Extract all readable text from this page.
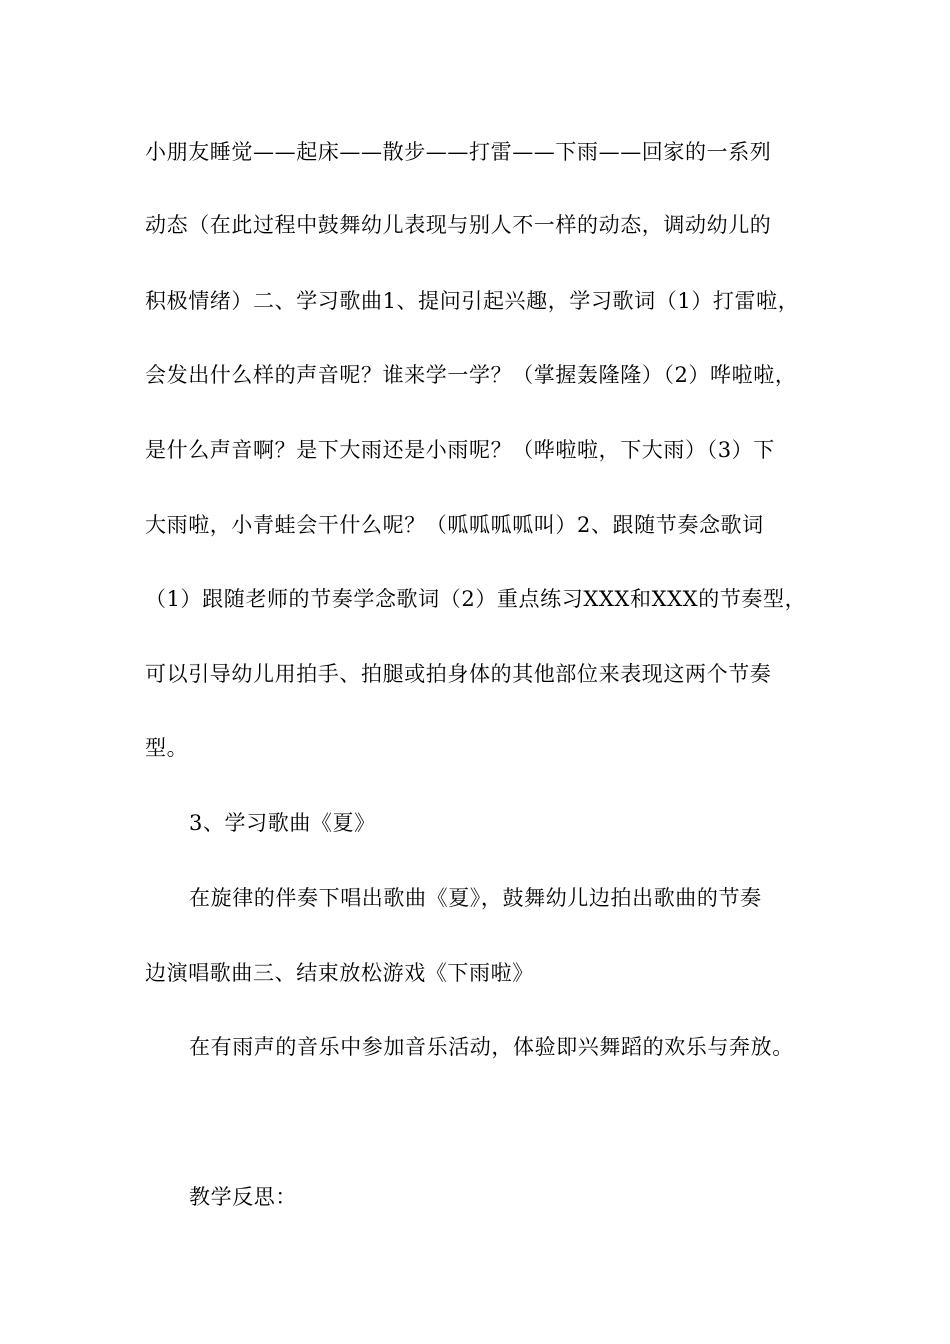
小朋友睡觉——起床——散步——打雷——下雨——回家的一系列
动态（在此过程中鼓舞幼儿表现与别人不一样的动态，调动幼儿的
积极情绪）二、学习歌曲1、提问引起兴趣，学习歌词（1）打雷啦，
会发出什么样的声音呢？谁来学一学？（掌握轰隆隆）（2）哗啦啦，
是什么声音啊？是下大雨还是小雨呢？（哗啦啦，下大雨）（3）下
大雨啦，小青蛙会干什么呢？（呱呱呱呱叫）2、跟随节奏念歌词
（1）跟随老师的节奏学念歌词（2）重点练习XXX和XXX的节奏型，
可以引导幼儿用拍手、拍腿或拍身体的其他部位来表现这两个节奏
型。
3、学习歌曲《夏》
在旋律的伴奏下唱出歌曲《夏》，鼓舞幼儿边拍出歌曲的节奏
边演唱歌曲三、结束放松游戏《下雨啦》
在有雨声的音乐中参加音乐活动，体验即兴舞蹈的欢乐与奔放。
教学反思：
